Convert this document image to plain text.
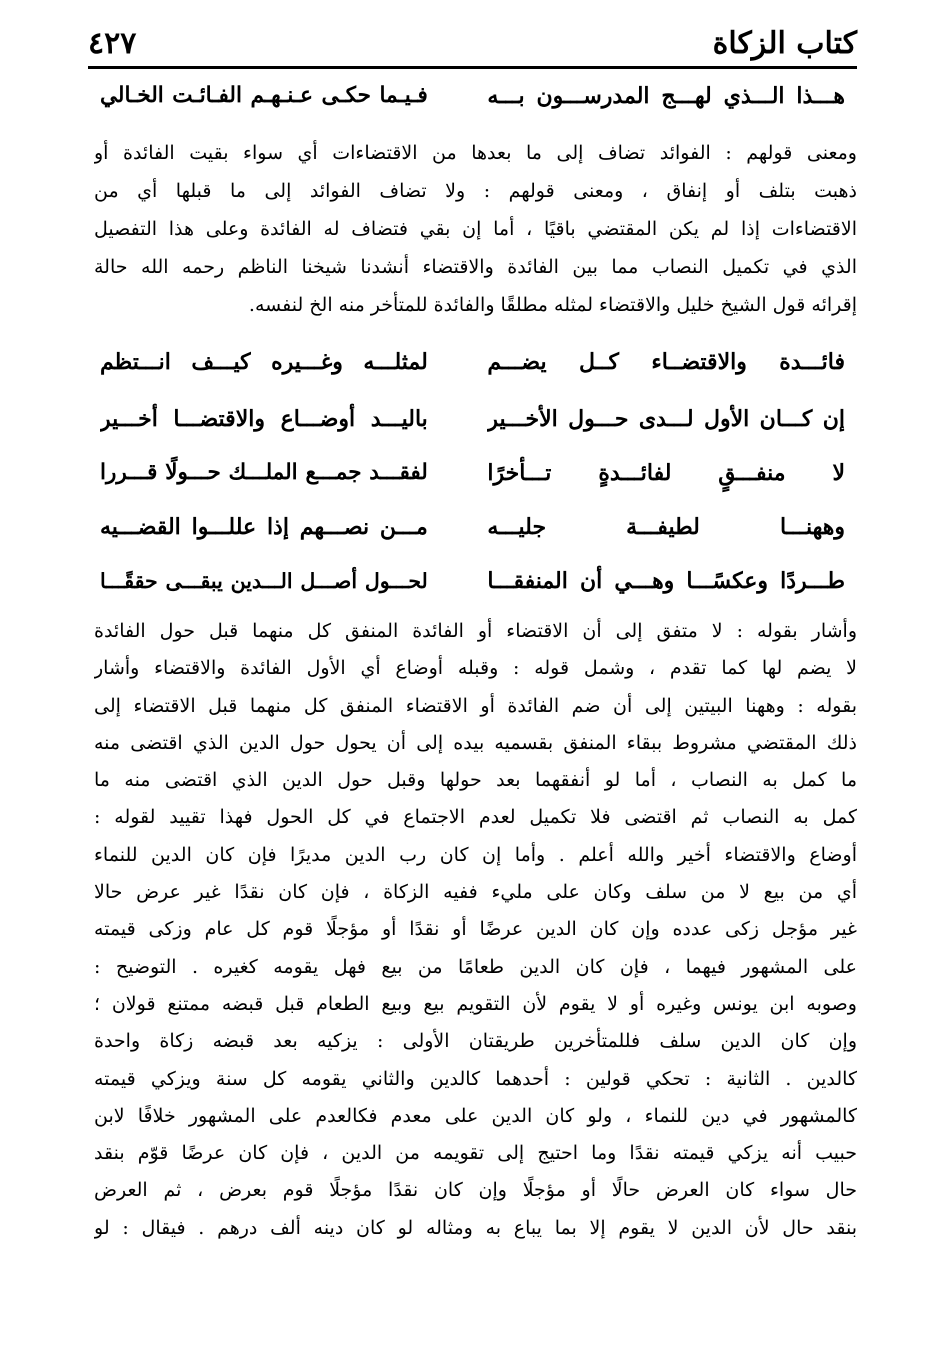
كتاب الزكاة
٤٢٧
هـــذا الـــذي لهـــج المدرســـون بـــه
فـيـما حكـى عـنـهـم الفـائـت الخـالي
ومعنى قولهم : الفوائد تضاف إلى ما بعدها من الاقتضاءات أي سواء بقيت الفائدة أو
ذهبت بتلف أو إنفاق ، ومعنى قولهم : ولا تضاف الفوائد إلى ما قبلها أي من
الاقتضاءات إذا لم يكن المقتضي باقيًا ، أما إن بقي فتضاف له الفائدة وعلى هذا التفصيل
الذي في تكميل النصاب مما بين الفائدة والاقتضاء أنشدنا شيخنا الناظم رحمه الله حالة
إقرائه قول الشيخ خليل والاقتضاء لمثله مطلقًا والفائدة للمتأخر منه الخ لنفسه.
فائـــدة والاقتضــاء كــل يضـــم
لمثلـــه وغـــيره كيـــف انـــتظم
إن كـــان الأول لـــدى حـــول الأخـــير
باليـــد أوضـــاع والاقتضـــا أخـــير
لا منفـــقٍ لفائـــدةٍ تـــأخرًا
لفقـــد جمـــع الملـــك حـــولًا قـــررا
وههنـــا لطيفـــة جليـــه
مـــن نصـــهم إذا عللـــوا القضـــيه
طـــردًا وعكسًـــا وهـــي أن المنفقـــا
لحـــول أصـــل الـــدين يبقـــى حققًـــا
وأشار بقوله : لا متفق إلى أن الاقتضاء أو الفائدة المنفق كل منهما قبل حول الفائدة
لا يضم لها كما تقدم ، وشمل قوله : وقبله أوضاع أي الأول الفائدة والاقتضاء وأشار
بقوله : وههنا البيتين إلى أن ضم الفائدة أو الاقتضاء المنفق كل منهما قبل الاقتضاء إلى
ذلك المقتضي مشروط ببقاء المنفق بقسميه بيده إلى أن يحول حول الدين الذي اقتضى منه
ما كمل به النصاب ، أما لو أنفقهما بعد حولها وقبل حول الدين الذي اقتضى منه ما
كمل به النصاب ثم اقتضى فلا تكميل لعدم الاجتماع في كل الحول فهذا تقييد لقوله :
أوضاع والاقتضاء أخير والله أعلم . وأما إن كان رب الدين مديرًا فإن كان الدين للنماء
أي من بيع لا من سلف وكان على مليء ففيه الزكاة ، فإن كان نقدًا غير عرض حالا
غير مؤجل زكى عدده وإن كان الدين عرضًا أو نقدًا أو مؤجلًا قوم كل عام وزكى قيمته
على المشهور فيهما ، فإن كان الدين طعامًا من بيع فهل يقومه كغيره . التوضيح :
وصوبه ابن يونس وغيره أو لا يقوم لأن التقويم بيع وبيع الطعام قبل قبضه ممتنع قولان ؛
وإن كان الدين سلف فللمتأخرين طريقتان الأولى : يزكيه بعد قبضه زكاة واحدة
كالدين . الثانية : تحكي قولين : أحدهما كالدين والثاني يقومه كل سنة ويزكي قيمته
كالمشهور في دين للنماء ، ولو كان الدين على معدم فكالعدم على المشهور خلافًا لابن
حبيب أنه يزكي قيمته نقدًا وما احتيج إلى تقويمه من الدين ، فإن كان عرضًا قوّم بنقد
حال سواء كان العرض حالًا أو مؤجلًا وإن كان نقدًا مؤجلًا قوم بعرض ، ثم العرض
بنقد حال لأن الدين لا يقوم إلا بما يباع به ومثاله لو كان دينه ألف درهم . فيقال : لو
